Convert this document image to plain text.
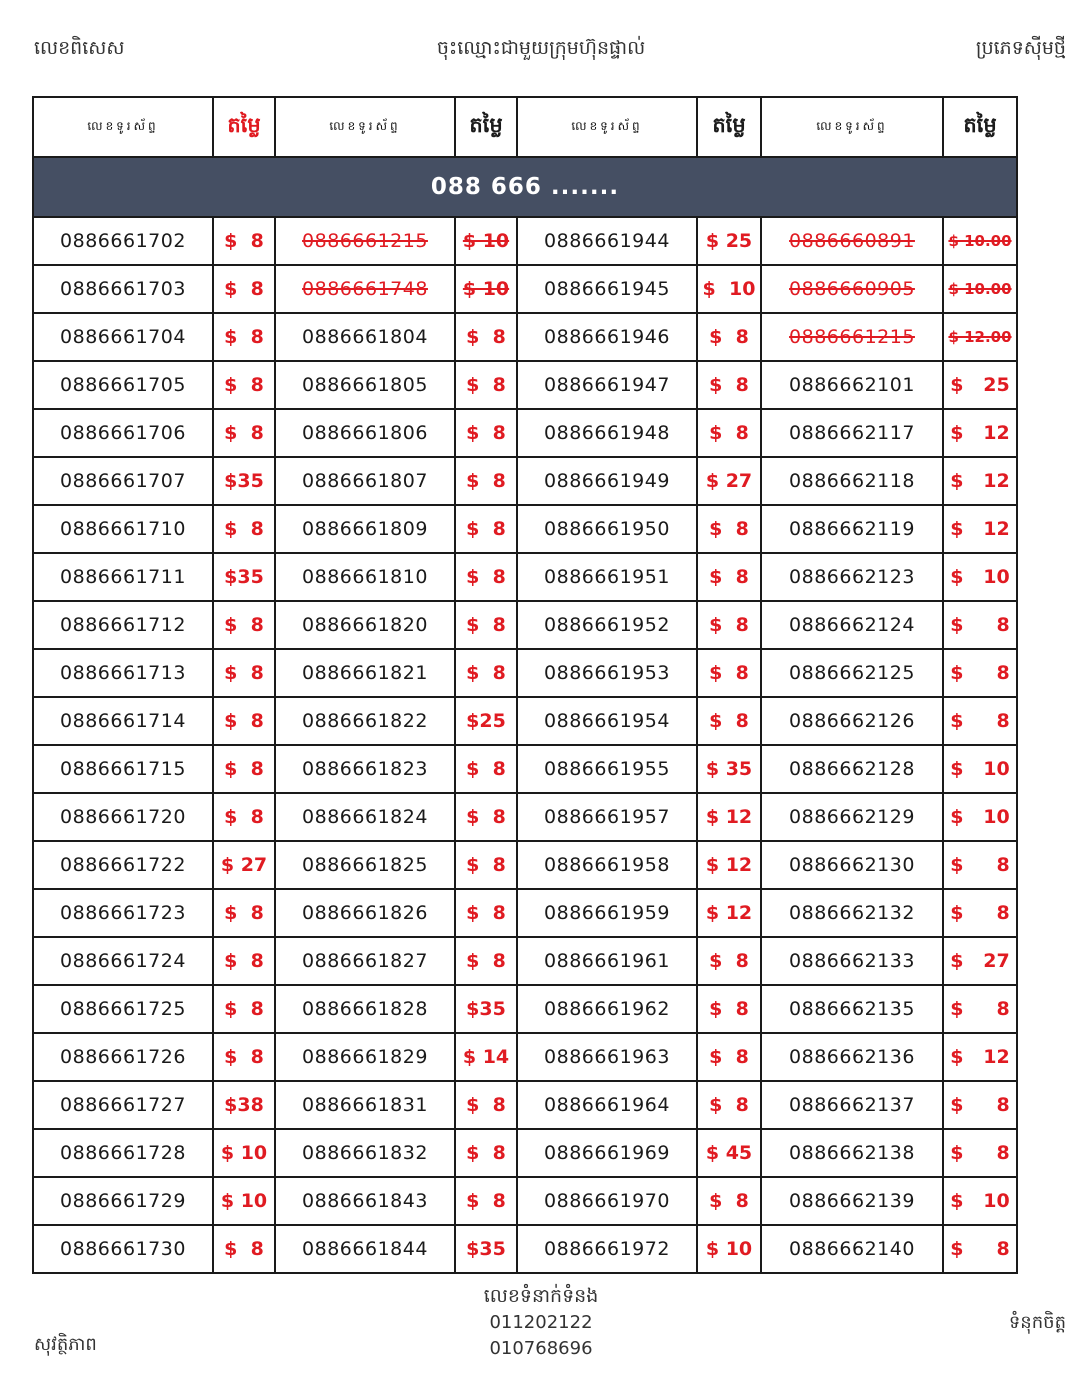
លេខពិសេស	ចុះឈ្មោះជាមួយក្រុមហ៊ុនផ្ទាល់	ប្រភេទស៊ីមថ្មី
លេខទូរស័ព្ទ	តម្លៃ	លេខទូរស័ព្ទ	តម្លៃ	លេខទូរស័ព្ទ	តម្លៃ	លេខទូរស័ព្ទ	តម្លៃ
088 666 .......							
0886661702	$  8	0886661215	$ 10	0886661944	$ 25	0886660891	$ 10.00
0886661703	$  8	0886661748	$ 10	0886661945	$  10	0886660905	$ 10.00
0886661704	$  8	0886661804	$  8	0886661946	$  8	0886661215	$ 12.00
0886661705	$  8	0886661805	$  8	0886661947	$  8	0886662101	$   25
0886661706	$  8	0886661806	$  8	0886661948	$  8	0886662117	$   12
0886661707	$35	0886661807	$  8	0886661949	$ 27	0886662118	$   12
0886661710	$  8	0886661809	$  8	0886661950	$  8	0886662119	$   12
0886661711	$35	0886661810	$  8	0886661951	$  8	0886662123	$   10
0886661712	$  8	0886661820	$  8	0886661952	$  8	0886662124	$     8
0886661713	$  8	0886661821	$  8	0886661953	$  8	0886662125	$     8
0886661714	$  8	0886661822	$25	0886661954	$  8	0886662126	$     8
0886661715	$  8	0886661823	$  8	0886661955	$ 35	0886662128	$   10
0886661720	$  8	0886661824	$  8	0886661957	$ 12	0886662129	$   10
0886661722	$ 27	0886661825	$  8	0886661958	$ 12	0886662130	$     8
0886661723	$  8	0886661826	$  8	0886661959	$ 12	0886662132	$     8
0886661724	$  8	0886661827	$  8	0886661961	$  8	0886662133	$   27
0886661725	$  8	0886661828	$35	0886661962	$  8	0886662135	$     8
0886661726	$  8	0886661829	$ 14	0886661963	$  8	0886662136	$   12
0886661727	$38	0886661831	$  8	0886661964	$  8	0886662137	$     8
0886661728	$ 10	0886661832	$  8	0886661969	$ 45	0886662138	$     8
0886661729	$ 10	0886661843	$  8	0886661970	$  8	0886662139	$   10
0886661730	$  8	0886661844	$35	0886661972	$ 10	0886662140	$     8
លេខទំនាក់ទំនង
011202122
010768696
សុវត្ថិភាព
ទំនុកចិត្ត
